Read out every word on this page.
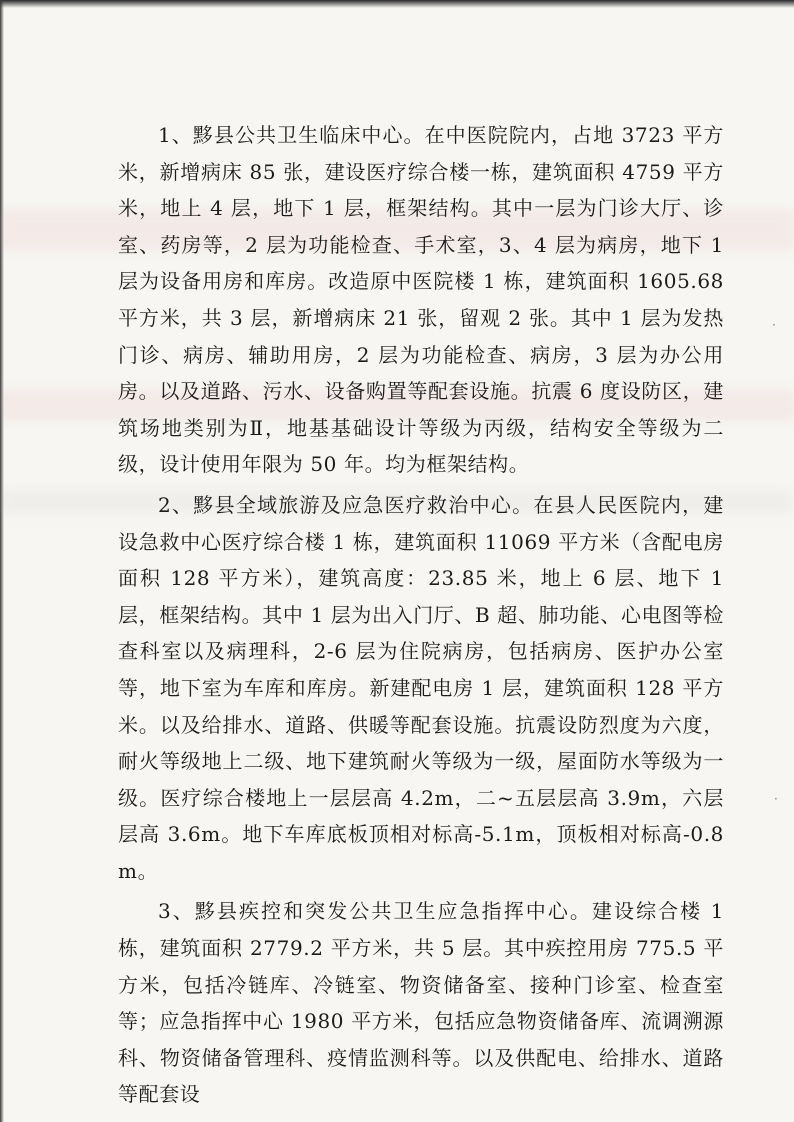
·
·

1、黟县公共卫生临床中心。在中医院院内，占地 3723 平方米，新增病床 85 张，建设医疗综合楼一栋，建筑面积 4759 平方米，地上 4 层，地下 1 层，框架结构。其中一层为门诊大厅、诊室、药房等，2 层为功能检查、手术室，3、4 层为病房，地下 1 层为设备用房和库房。改造原中医院楼 1 栋，建筑面积 1605.68 平方米，共 3 层，新增病床 21 张，留观 2 张。其中 1 层为发热门诊、病房、辅助用房，2 层为功能检查、病房，3 层为办公用房。以及道路、污水、设备购置等配套设施。抗震 6 度设防区，建筑场地类别为Ⅱ，地基基础设计等级为丙级，结构安全等级为二级，设计使用年限为 50 年。均为框架结构。

2、黟县全域旅游及应急医疗救治中心。在县人民医院内，建设急救中心医疗综合楼 1 栋，建筑面积 11069 平方米（含配电房面积 128 平方米），建筑高度：23.85 米，地上 6 层、地下 1 层，框架结构。其中 1 层为出入门厅、B 超、肺功能、心电图等检查科室以及病理科，2-6 层为住院病房，包括病房、医护办公室等，地下室为车库和库房。新建配电房 1 层，建筑面积 128 平方米。以及给排水、道路、供暖等配套设施。抗震设防烈度为六度，耐火等级地上二级、地下建筑耐火等级为一级，屋面防水等级为一级。医疗综合楼地上一层层高 4.2m，二~五层层高 3.9m，六层层高 3.6m。地下车库底板顶相对标高-5.1m，顶板相对标高-0.8m。

3、黟县疾控和突发公共卫生应急指挥中心。建设综合楼 1 栋，建筑面积 2779.2 平方米，共 5 层。其中疾控用房 775.5 平方米，包括冷链库、冷链室、物资储备室、接种门诊室、检查室等；应急指挥中心 1980 平方米，包括应急物资储备库、流调溯源科、物资储备管理科、疫情监测科等。以及供配电、给排水、道路等配套设
